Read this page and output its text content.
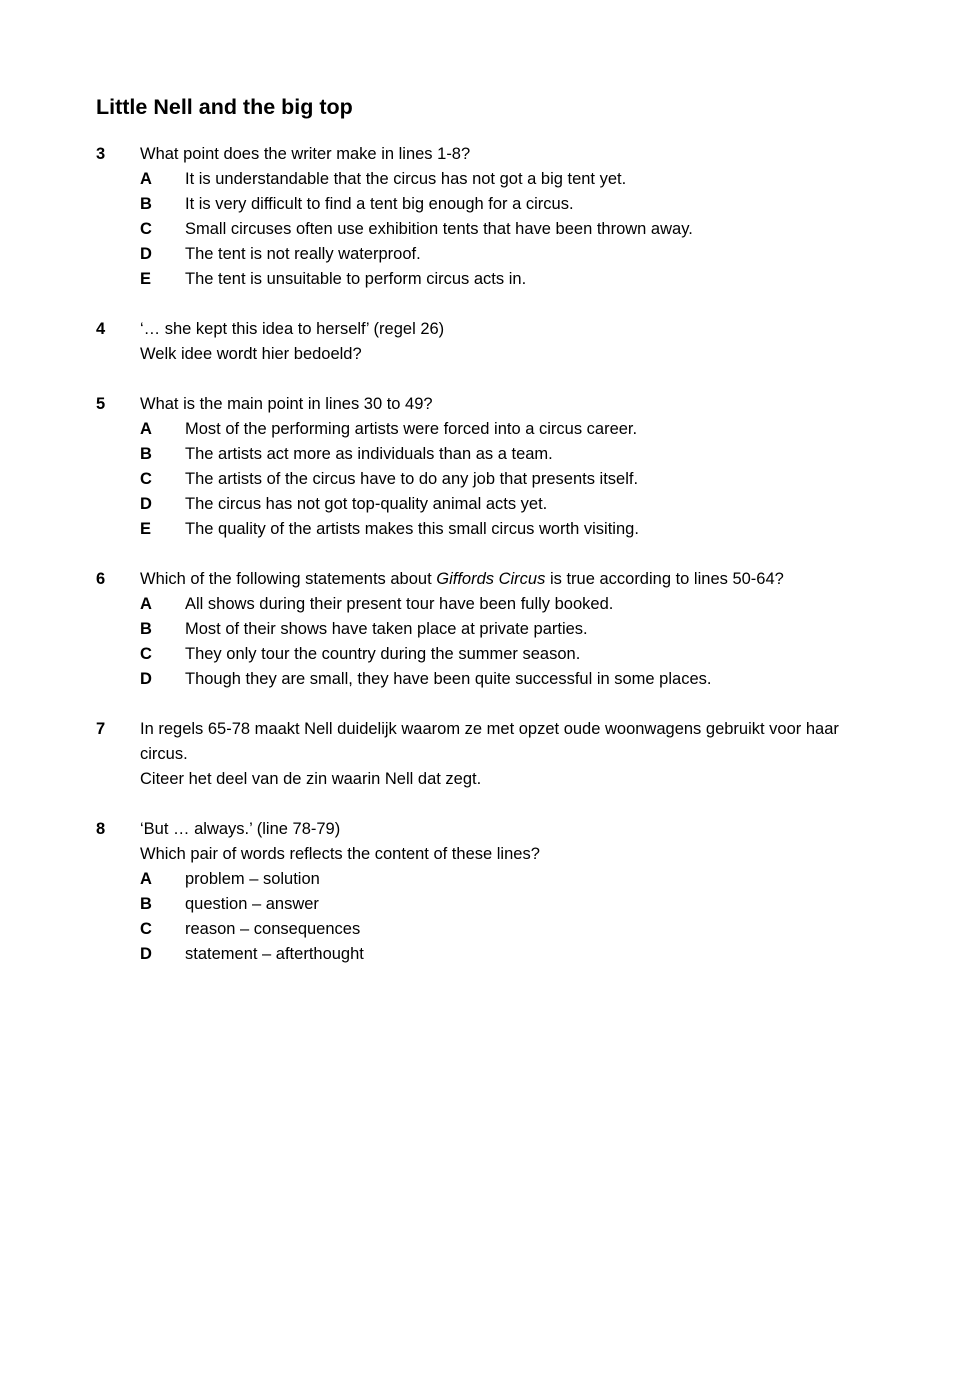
Little Nell and the big top
3 What point does the writer make in lines 1-8?
A It is understandable that the circus has not got a big tent yet.
B It is very difficult to find a tent big enough for a circus.
C Small circuses often use exhibition tents that have been thrown away.
D The tent is not really waterproof.
E The tent is unsuitable to perform circus acts in.
4 ‘… she kept this idea to herself’ (regel 26)
Welk idee wordt hier bedoeld?
5 What is the main point in lines 30 to 49?
A Most of the performing artists were forced into a circus career.
B The artists act more as individuals than as a team.
C The artists of the circus have to do any job that presents itself.
D The circus has not got top-quality animal acts yet.
E The quality of the artists makes this small circus worth visiting.
6 Which of the following statements about Giffords Circus is true according to lines 50-64?
A All shows during their present tour have been fully booked.
B Most of their shows have taken place at private parties.
C They only tour the country during the summer season.
D Though they are small, they have been quite successful in some places.
7 In regels 65-78 maakt Nell duidelijk waarom ze met opzet oude woonwagens gebruikt voor haar circus.
Citeer het deel van de zin waarin Nell dat zegt.
8 ‘But … always.’ (line 78-79)
Which pair of words reflects the content of these lines?
A problem – solution
B question – answer
C reason – consequences
D statement – afterthought
